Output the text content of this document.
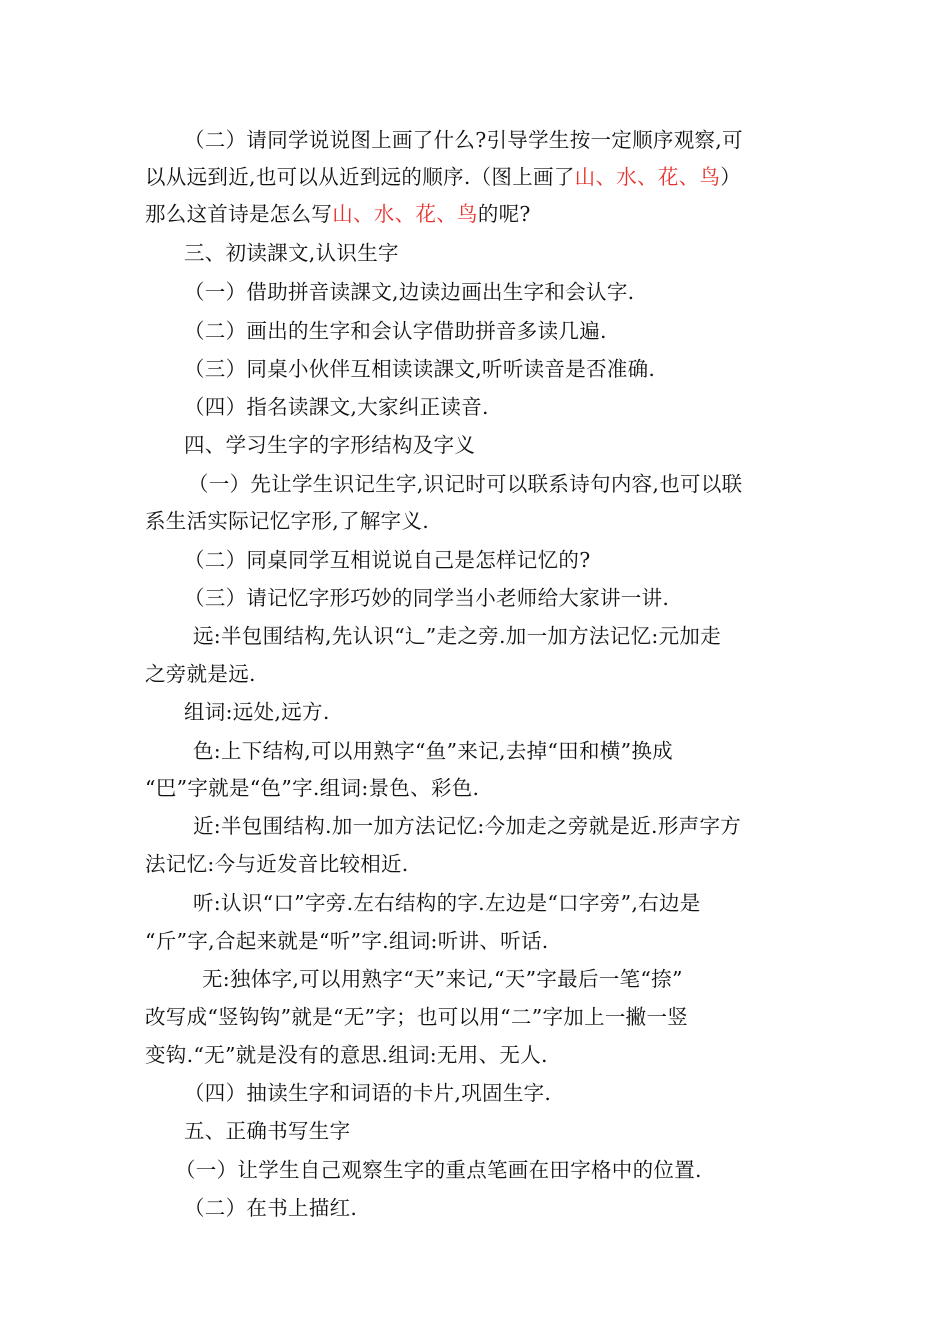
（二）请同学说说图上画了什么?引导学生按一定顺序观察,可
以从远到近,也可以从近到远的顺序.（图上画了山、水、花、鸟）
那么这首诗是怎么写山、水、花、鸟的呢?
三、初读課文,认识生字
（一）借助拼音读課文,边读边画出生字和会认字.
（二）画出的生字和会认字借助拼音多读几遍.
（三）同桌小伙伴互相读读課文,听听读音是否准确.
（四）指名读課文,大家纠正读音.
四、学习生字的字形结构及字义
（一）先让学生识记生字,识记时可以联系诗句内容,也可以联
系生活实际记忆字形,了解字义.
（二）同桌同学互相说说自己是怎样记忆的?
（三）请记忆字形巧妙的同学当小老师给大家讲一讲.
远:半包围结构,先认识“辶”走之旁.加一加方法记忆:元加走
之旁就是远.
组词:远处,远方.
色:上下结构,可以用熟字“鱼”来记,去掉“田和横”换成
“巴”字就是“色”字.组词:景色、彩色.
近:半包围结构.加一加方法记忆:今加走之旁就是近.形声字方
法记忆:今与近发音比较相近.
听:认识“口”字旁.左右结构的字.左边是“口字旁”,右边是
“斤”字,合起来就是“听”字.组词:听讲、听话.
无:独体字,可以用熟字“天”来记,“天”字最后一笔“捺”
改写成“竖钩钩”就是“无”字；也可以用“二”字加上一撇一竖
变钩.“无”就是没有的意思.组词:无用、无人.
（四）抽读生字和词语的卡片,巩固生字.
五、正确书写生字
（一）让学生自己观察生字的重点笔画在田字格中的位置.
（二）在书上描红.
